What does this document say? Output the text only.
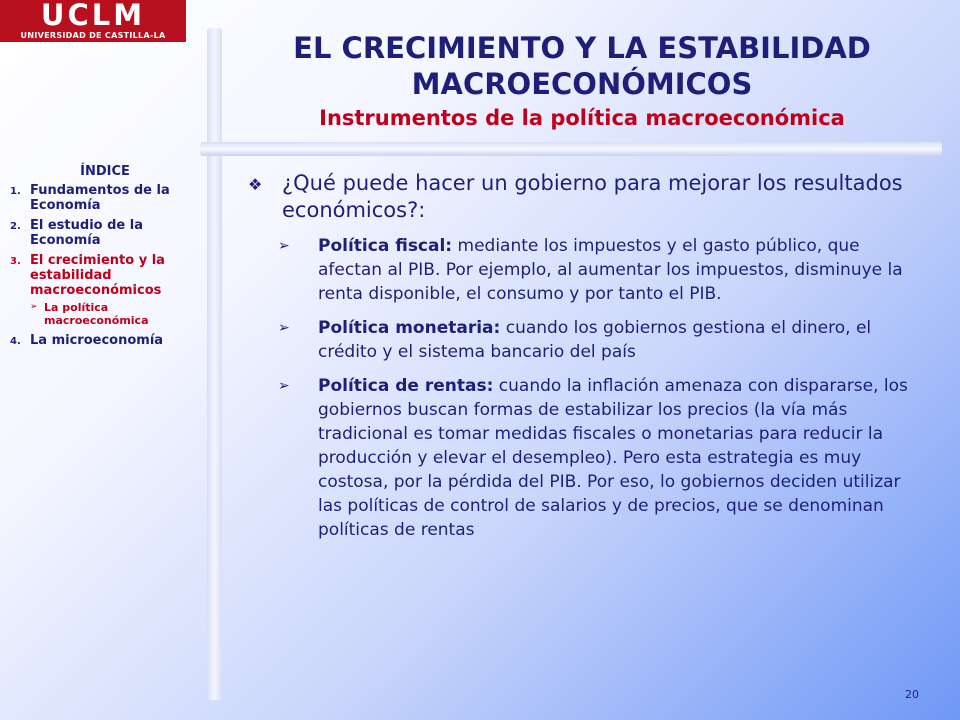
UCLM
UNIVERSIDAD DE CASTILLA-LA MANCHA	EL CRECIMIENTO Y LA ESTABILIDAD MACROECONÓMICOS
Instrumentos de la política macroeconómica
ÍNDICE
1. Fundamentos de la Economía
2. El estudio de la Economía
3. El crecimiento y la estabilidad macroeconómicos
➢ La política macroeconómica
4. La microeconomía
❖ ¿Qué puede hacer un gobierno para mejorar los resultados económicos?:
➢	Política fiscal: mediante los impuestos y el gasto público, que afectan al PIB. Por ejemplo, al aumentar los impuestos, disminuye la renta disponible, el consumo y por tanto el PIB.
➢	Política monetaria: cuando los gobiernos gestiona el dinero, el crédito y el sistema bancario del país
➢	Política de rentas: cuando la inflación amenaza con dispararse, los gobiernos buscan formas de estabilizar los precios (la vía más tradicional es tomar medidas fiscales o monetarias para reducir la producción y elevar el desempleo). Pero esta estrategia es muy costosa, por la pérdida del PIB. Por eso, lo gobiernos deciden utilizar las políticas de control de salarios y de precios, que se denominan políticas de rentas
20
